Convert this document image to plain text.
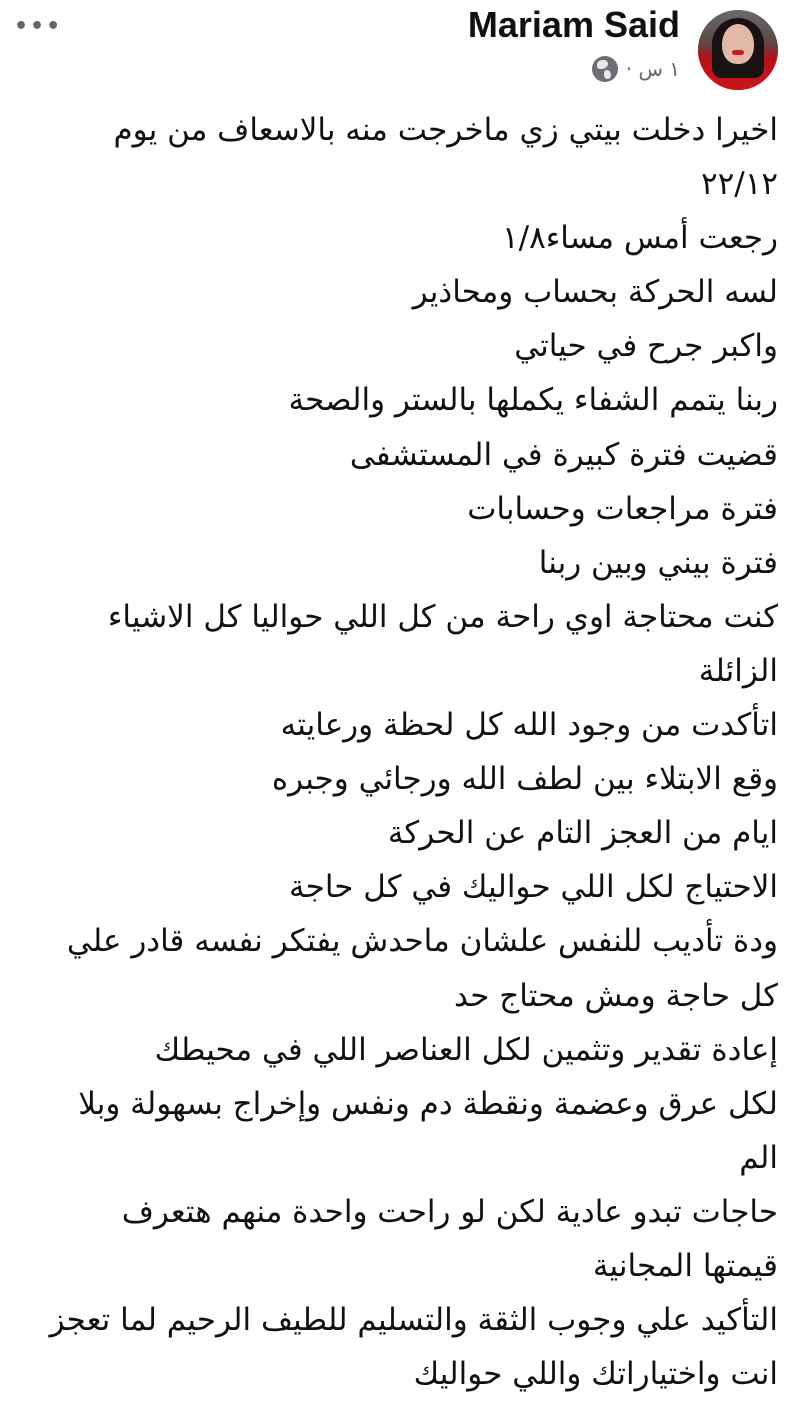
•••	Mariam Said
١ س ·
اخيرا دخلت بيتي زي ماخرجت منه بالاسعاف من يوم
٢٢/١٢
رجعت أمس مساء١/٨
لسه الحركة بحساب ومحاذير
واكبر جرح في حياتي
ربنا يتمم الشفاء يكملها بالستر والصحة
قضيت فترة كبيرة في المستشفى
فترة مراجعات وحسابات
فترة بيني وبين ربنا
كنت محتاجة اوي راحة من كل اللي حواليا كل الاشياء
الزائلة
اتأكدت من وجود الله كل لحظة ورعايته
وقع الابتلاء بين لطف الله ورجائي وجبره
ايام من العجز التام عن الحركة
الاحتياج لكل اللي حواليك في كل حاجة
ودة تأديب للنفس علشان ماحدش يفتكر نفسه قادر علي
كل حاجة ومش محتاج حد
إعادة تقدير وتثمين لكل العناصر اللي في محيطك
لكل عرق وعضمة ونقطة دم ونفس وإخراج بسهولة وبلا
الم
حاجات تبدو عادية لكن لو راحت واحدة منهم هتعرف
قيمتها المجانية
التأكيد علي وجوب الثقة والتسليم للطيف الرحيم لما تعجز
انت واختياراتك واللي حواليك
